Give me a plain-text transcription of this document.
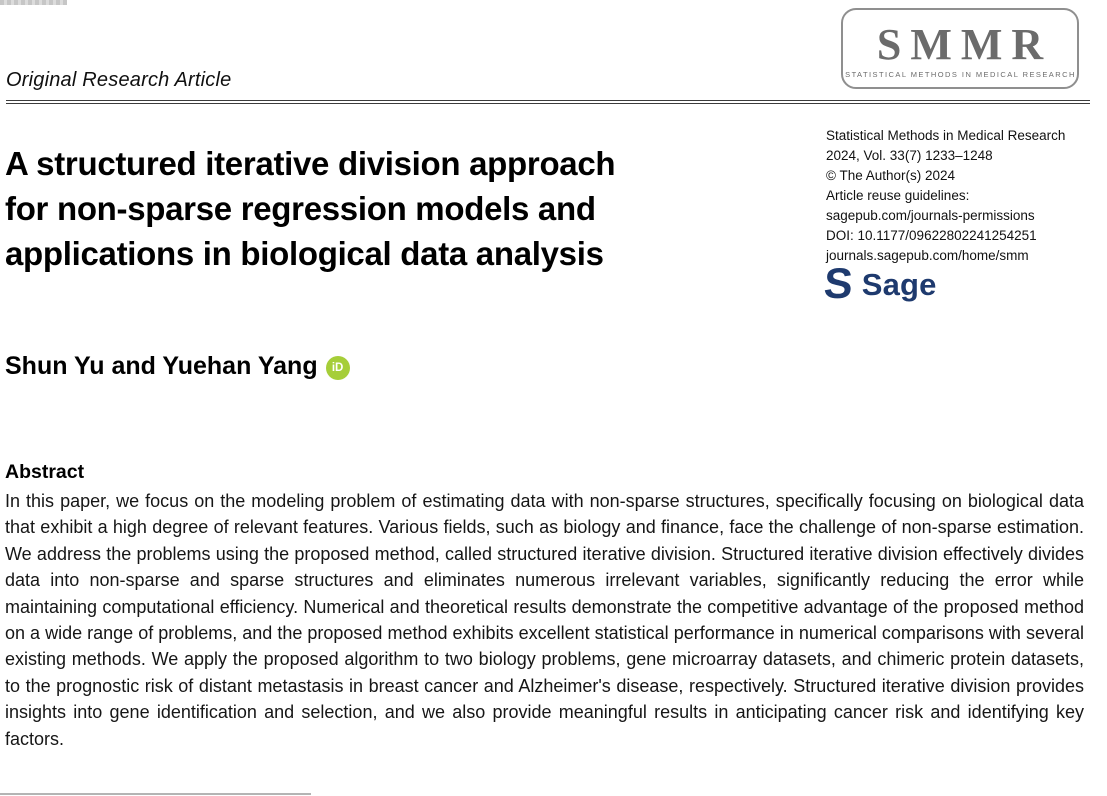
Original Research Article
SMMR
STATISTICAL METHODS IN MEDICAL RESEARCH
A structured iterative division approach
for non-sparse regression models and
applications in biological data analysis
Statistical Methods in Medical Research
2024, Vol. 33(7) 1233–1248
© The Author(s) 2024
Article reuse guidelines:
sagepub.com/journals-permissions
DOI: 10.1177/09622802241254251
journals.sagepub.com/home/smm
S Sage
Shun Yu and Yuehan Yang	iD
Abstract
In this paper, we focus on the modeling problem of estimating data with non-sparse structures, specifically focusing on biological data that exhibit a high degree of relevant features. Various fields, such as biology and finance, face the challenge of non-sparse estimation. We address the problems using the proposed method, called structured iterative division. Structured iterative division effectively divides data into non-sparse and sparse structures and eliminates numerous irrelevant variables, significantly reducing the error while maintaining computational efficiency. Numerical and theoretical results demonstrate the competitive advantage of the proposed method on a wide range of problems, and the proposed method exhibits excellent statistical performance in numerical comparisons with several existing methods. We apply the proposed algorithm to two biology problems, gene microarray datasets, and chimeric protein datasets, to the prognostic risk of distant metastasis in breast cancer and Alzheimer's disease, respectively. Structured iterative division provides insights into gene identification and selection, and we also provide meaningful results in anticipating cancer risk and identifying key factors.
